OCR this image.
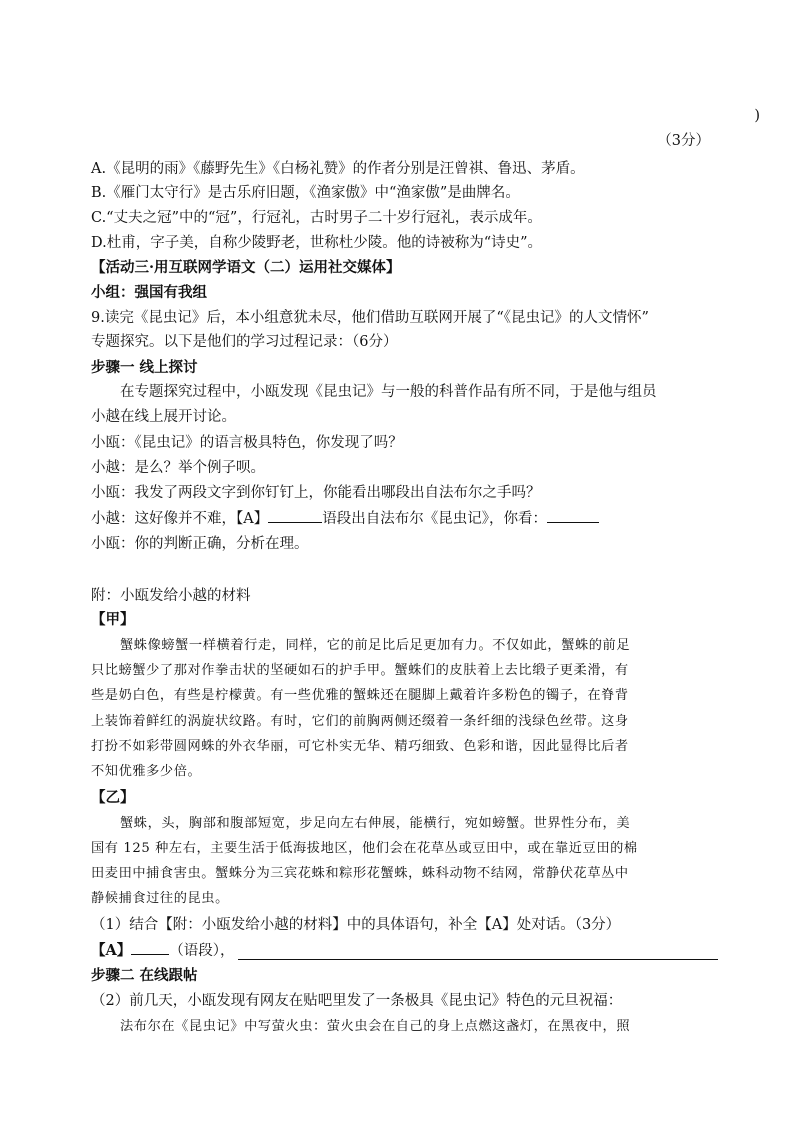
)
（3分）
A.《昆明的雨》《藤野先生》《白杨礼赞》的作者分别是汪曾祺、鲁迅、茅盾。
B.《雁门太守行》是古乐府旧题，《渔家傲》中“渔家傲”是曲牌名。
C.“丈夫之冠”中的“冠”，行冠礼，古时男子二十岁行冠礼，表示成年。
D.杜甫，字子美，自称少陵野老，世称杜少陵。他的诗被称为“诗史”。
【活动三·用互联网学语文（二）运用社交媒体】
小组：强国有我组
9.读完《昆虫记》后，本小组意犹未尽，他们借助互联网开展了“《昆虫记》的人文情怀”
专题探究。以下是他们的学习过程记录：（6分）
步骤一 线上探讨
在专题探究过程中，小瓯发现《昆虫记》与一般的科普作品有所不同，于是他与组员
小越在线上展开讨论。
小瓯：《昆虫记》的语言极具特色，你发现了吗？
小越：是么？举个例子呗。
小瓯：我发了两段文字到你钉钉上，你能看出哪段出自法布尔之手吗？
小越：这好像并不难，【A】	语段出自法布尔《昆虫记》，你看：
小瓯：你的判断正确，分析在理。
附：小瓯发给小越的材料
【甲】
蟹蛛像螃蟹一样横着行走，同样，它的前足比后足更加有力。不仅如此，蟹蛛的前足
只比螃蟹少了那对作拳击状的坚硬如石的护手甲。蟹蛛们的皮肤着上去比缎子更柔滑，有
些是奶白色，有些是柠檬黄。有一些优雅的蟹蛛还在腿脚上戴着许多粉色的镯子，在脊背
上装饰着鲜红的涡旋状纹路。有时，它们的前胸两侧还缀着一条纤细的浅绿色丝带。这身
打扮不如彩带圆网蛛的外衣华丽，可它朴实无华、精巧细致、色彩和谐，因此显得比后者
不知优雅多少倍。
【乙】
蟹蛛，头，胸部和腹部短宽，步足向左右伸展，能横行，宛如螃蟹。世界性分布，美
国有 125 种左右，主要生活于低海拔地区，他们会在花草丛或豆田中，或在靠近豆田的棉
田麦田中捕食害虫。蟹蛛分为三宾花蛛和粽形花蟹蛛，蛛科动物不结网，常静伏花草丛中
静候捕食过往的昆虫。
（1）结合【附：小瓯发给小越的材料】中的具体语句，补全【A】处对话。（3分）
【A】	（语段），
步骤二 在线跟帖
（2）前几天，小瓯发现有网友在贴吧里发了一条极具《昆虫记》特色的元旦祝福：
法布尔在《昆虫记》中写萤火虫：萤火虫会在自己的身上点燃这盏灯，在黑夜中，照
